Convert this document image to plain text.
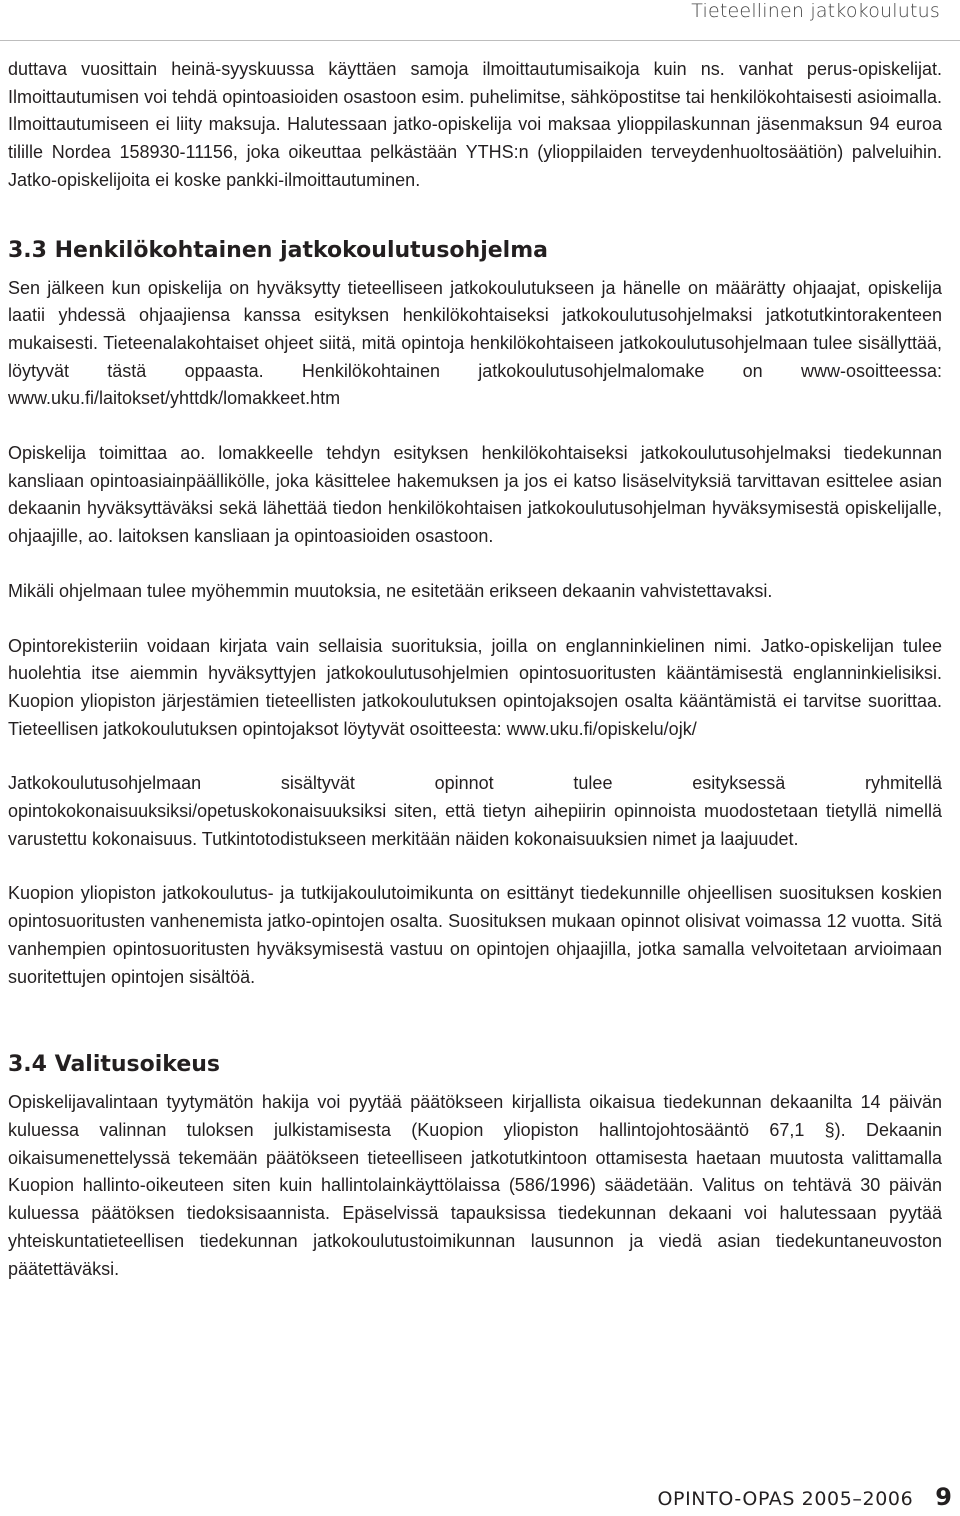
Tieteellinen jatkokoulutus

duttava vuosittain heinä-syyskuussa käyttäen samoja ilmoittautumisaikoja kuin ns. vanhat perus-opiskelijat. Ilmoittautumisen voi tehdä opintoasioiden osastoon esim. puhelimitse, sähköpostitse tai henkilökohtaisesti asioimalla. Ilmoittautumiseen ei liity maksuja. Halutessaan jatko-opiskelija voi maksaa ylioppilaskunnan jäsenmaksun 94 euroa tilille Nordea 158930-11156, joka oikeuttaa pelkästään YTHS:n (ylioppilaiden terveydenhuoltosäätiön) palveluihin. Jatko-opiskelijoita ei koske pankki-ilmoittautuminen.

3.3 Henkilökohtainen jatkokoulutusohjelma

Sen jälkeen kun opiskelija on hyväksytty tieteelliseen jatkokoulutukseen ja hänelle on määrätty ohjaajat, opiskelija laatii yhdessä ohjaajiensa kanssa esityksen henkilökohtaiseksi jatkokoulutusohjelmaksi jatkotutkintorakenteen mukaisesti. Tieteenalakohtaiset ohjeet siitä, mitä opintoja henkilökohtaiseen jatkokoulutusohjelmaan tulee sisällyttää, löytyvät tästä oppaasta. Henkilökohtainen jatkokoulutusohjelmalomake on www-osoitteessa: www.uku.fi/laitokset/yhttdk/lomakkeet.htm

Opiskelija toimittaa ao. lomakkeelle tehdyn esityksen henkilökohtaiseksi jatkokoulutusohjelmaksi tiedekunnan kansliaan opintoasiainpäällikölle, joka käsittelee hakemuksen ja jos ei katso lisäselvityksiä tarvittavan esittelee asian dekaanin hyväksyttäväksi sekä lähettää tiedon henkilökohtaisen jatkokoulutusohjelman hyväksymisestä opiskelijalle, ohjaajille, ao. laitoksen kansliaan ja opintoasioiden osastoon.

Mikäli ohjelmaan tulee myöhemmin muutoksia, ne esitetään erikseen dekaanin vahvistettavaksi.

Opintorekisteriin voidaan kirjata vain sellaisia suorituksia, joilla on englanninkielinen nimi. Jatko-opiskelijan tulee huolehtia itse aiemmin hyväksyttyjen jatkokoulutusohjelmien opintosuoritusten kääntämisestä englanninkielisiksi. Kuopion yliopiston järjestämien tieteellisten jatkokoulutuksen opintojaksojen osalta kääntämistä ei tarvitse suorittaa. Tieteellisen jatkokoulutuksen opintojaksot löytyvät osoitteesta: www.uku.fi/opiskelu/ojk/

Jatkokoulutusohjelmaan sisältyvät opinnot tulee esityksessä ryhmitellä opintokokonaisuuksiksi/opetuskokonaisuuksiksi siten, että tietyn aihepiirin opinnoista muodostetaan tietyllä nimellä varustettu kokonaisuus. Tutkintotodistukseen merkitään näiden kokonaisuuksien nimet ja laajuudet.

Kuopion yliopiston jatkokoulutus- ja tutkijakoulutoimikunta on esittänyt tiedekunnille ohjeellisen suosituksen koskien opintosuoritusten vanhenemista jatko-opintojen osalta. Suosituksen mukaan opinnot olisivat voimassa 12 vuotta. Sitä vanhempien opintosuoritusten hyväksymisestä vastuu on opintojen ohjaajilla, jotka samalla velvoitetaan arvioimaan suoritettujen opintojen sisältöä.

3.4 Valitusoikeus

Opiskelijavalintaan tyytymätön hakija voi pyytää päätökseen kirjallista oikaisua tiedekunnan dekaanilta 14 päivän kuluessa valinnan tuloksen julkistamisesta (Kuopion yliopiston hallintojohtosääntö 67,1 §). Dekaanin oikaisumenettelyssä tekemään päätökseen tieteelliseen jatkotutkintoon ottamisesta haetaan muutosta valittamalla Kuopion hallinto-oikeuteen siten kuin hallintolainkäyttölaissa (586/1996) säädetään. Valitus on tehtävä 30 päivän kuluessa päätöksen tiedoksisaannista. Epäselvissä tapauksissa tiedekunnan dekaani voi halutessaan pyytää yhteiskuntatieteellisen tiedekunnan jatkokoulutustoimikunnan lausunnon ja viedä asian tiedekuntaneuvoston päätettäväksi.

OPINTO-OPAS 2005–2006 9
